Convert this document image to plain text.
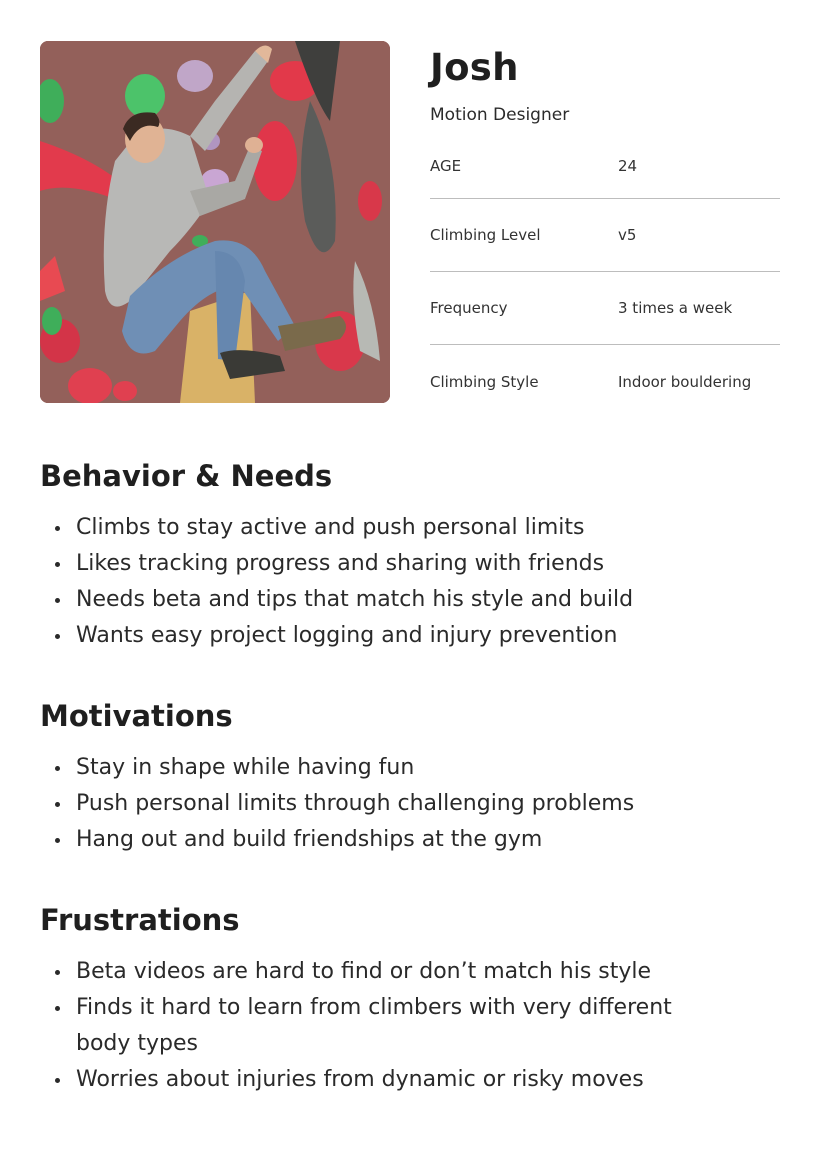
Josh
Motion Designer
AGE	24
Climbing Level	v5
Frequency	3 times a week
Climbing Style	Indoor bouldering
Behavior & Needs
Climbs to stay active and push personal limits
Likes tracking progress and sharing with friends
Needs beta and tips that match his style and build
Wants easy project logging and injury prevention
Motivations
Stay in shape while having fun
Push personal limits through challenging problems
Hang out and build friendships at the gym
Frustrations
Beta videos are hard to find or don’t match his style
Finds it hard to learn from climbers with very different body types
Worries about injuries from dynamic or risky moves
